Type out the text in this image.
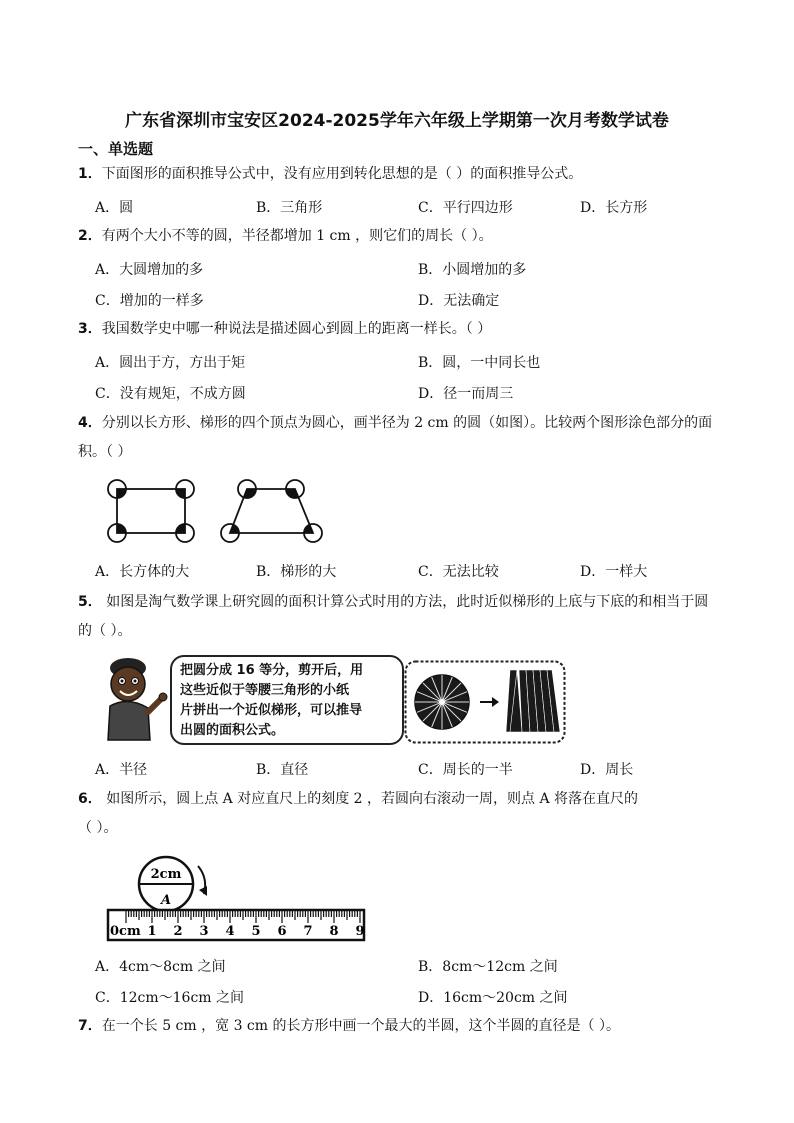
广东省深圳市宝安区2024-2025学年六年级上学期第一次月考数学试卷
一、单选题
1．下面图形的面积推导公式中，没有应用到转化思想的是（ ）的面积推导公式。
A．圆	B．三角形	C．平行四边形	D．长方形
2．有两个大小不等的圆，半径都增加 1 cm ，则它们的周长（ ）。
A．大圆增加的多	B．小圆增加的多
C．增加的一样多	D．无法确定
3．我国数学史中哪一种说法是描述圆心到圆上的距离一样长。（ ）
A．圆出于方，方出于矩	B．圆，一中同长也
C．没有规矩，不成方圆	D．径一而周三
4．分别以长方形、梯形的四个顶点为圆心，画半径为 2 cm 的圆（如图）。比较两个图形涂色部分的面
积。（ ）
A．长方体的大	B．梯形的大	C．无法比较	D．一样大
5． 如图是淘气数学课上研究圆的面积计算公式时用的方法，此时近似梯形的上底与下底的和相当于圆
的（ ）。
把圆分成 16 等分，剪开后，用
这些近似于等腰三角形的小纸
片拼出一个近似梯形，可以推导
出圆的面积公式。
A．半径	B．直径	C．周长的一半	D．周长
6． 如图所示，圆上点 A 对应直尺上的刻度 2 ，若圆向右滚动一周，则点 A 将落在直尺的
（ ）。
2cm
A
0cm 1 2 3 4 5 6 7 8 9
A．4cm～8cm 之间	B．8cm～12cm 之间
C．12cm～16cm 之间	D．16cm～20cm 之间
7．在一个长 5 cm ，宽 3 cm 的长方形中画一个最大的半圆，这个半圆的直径是（ ）。
